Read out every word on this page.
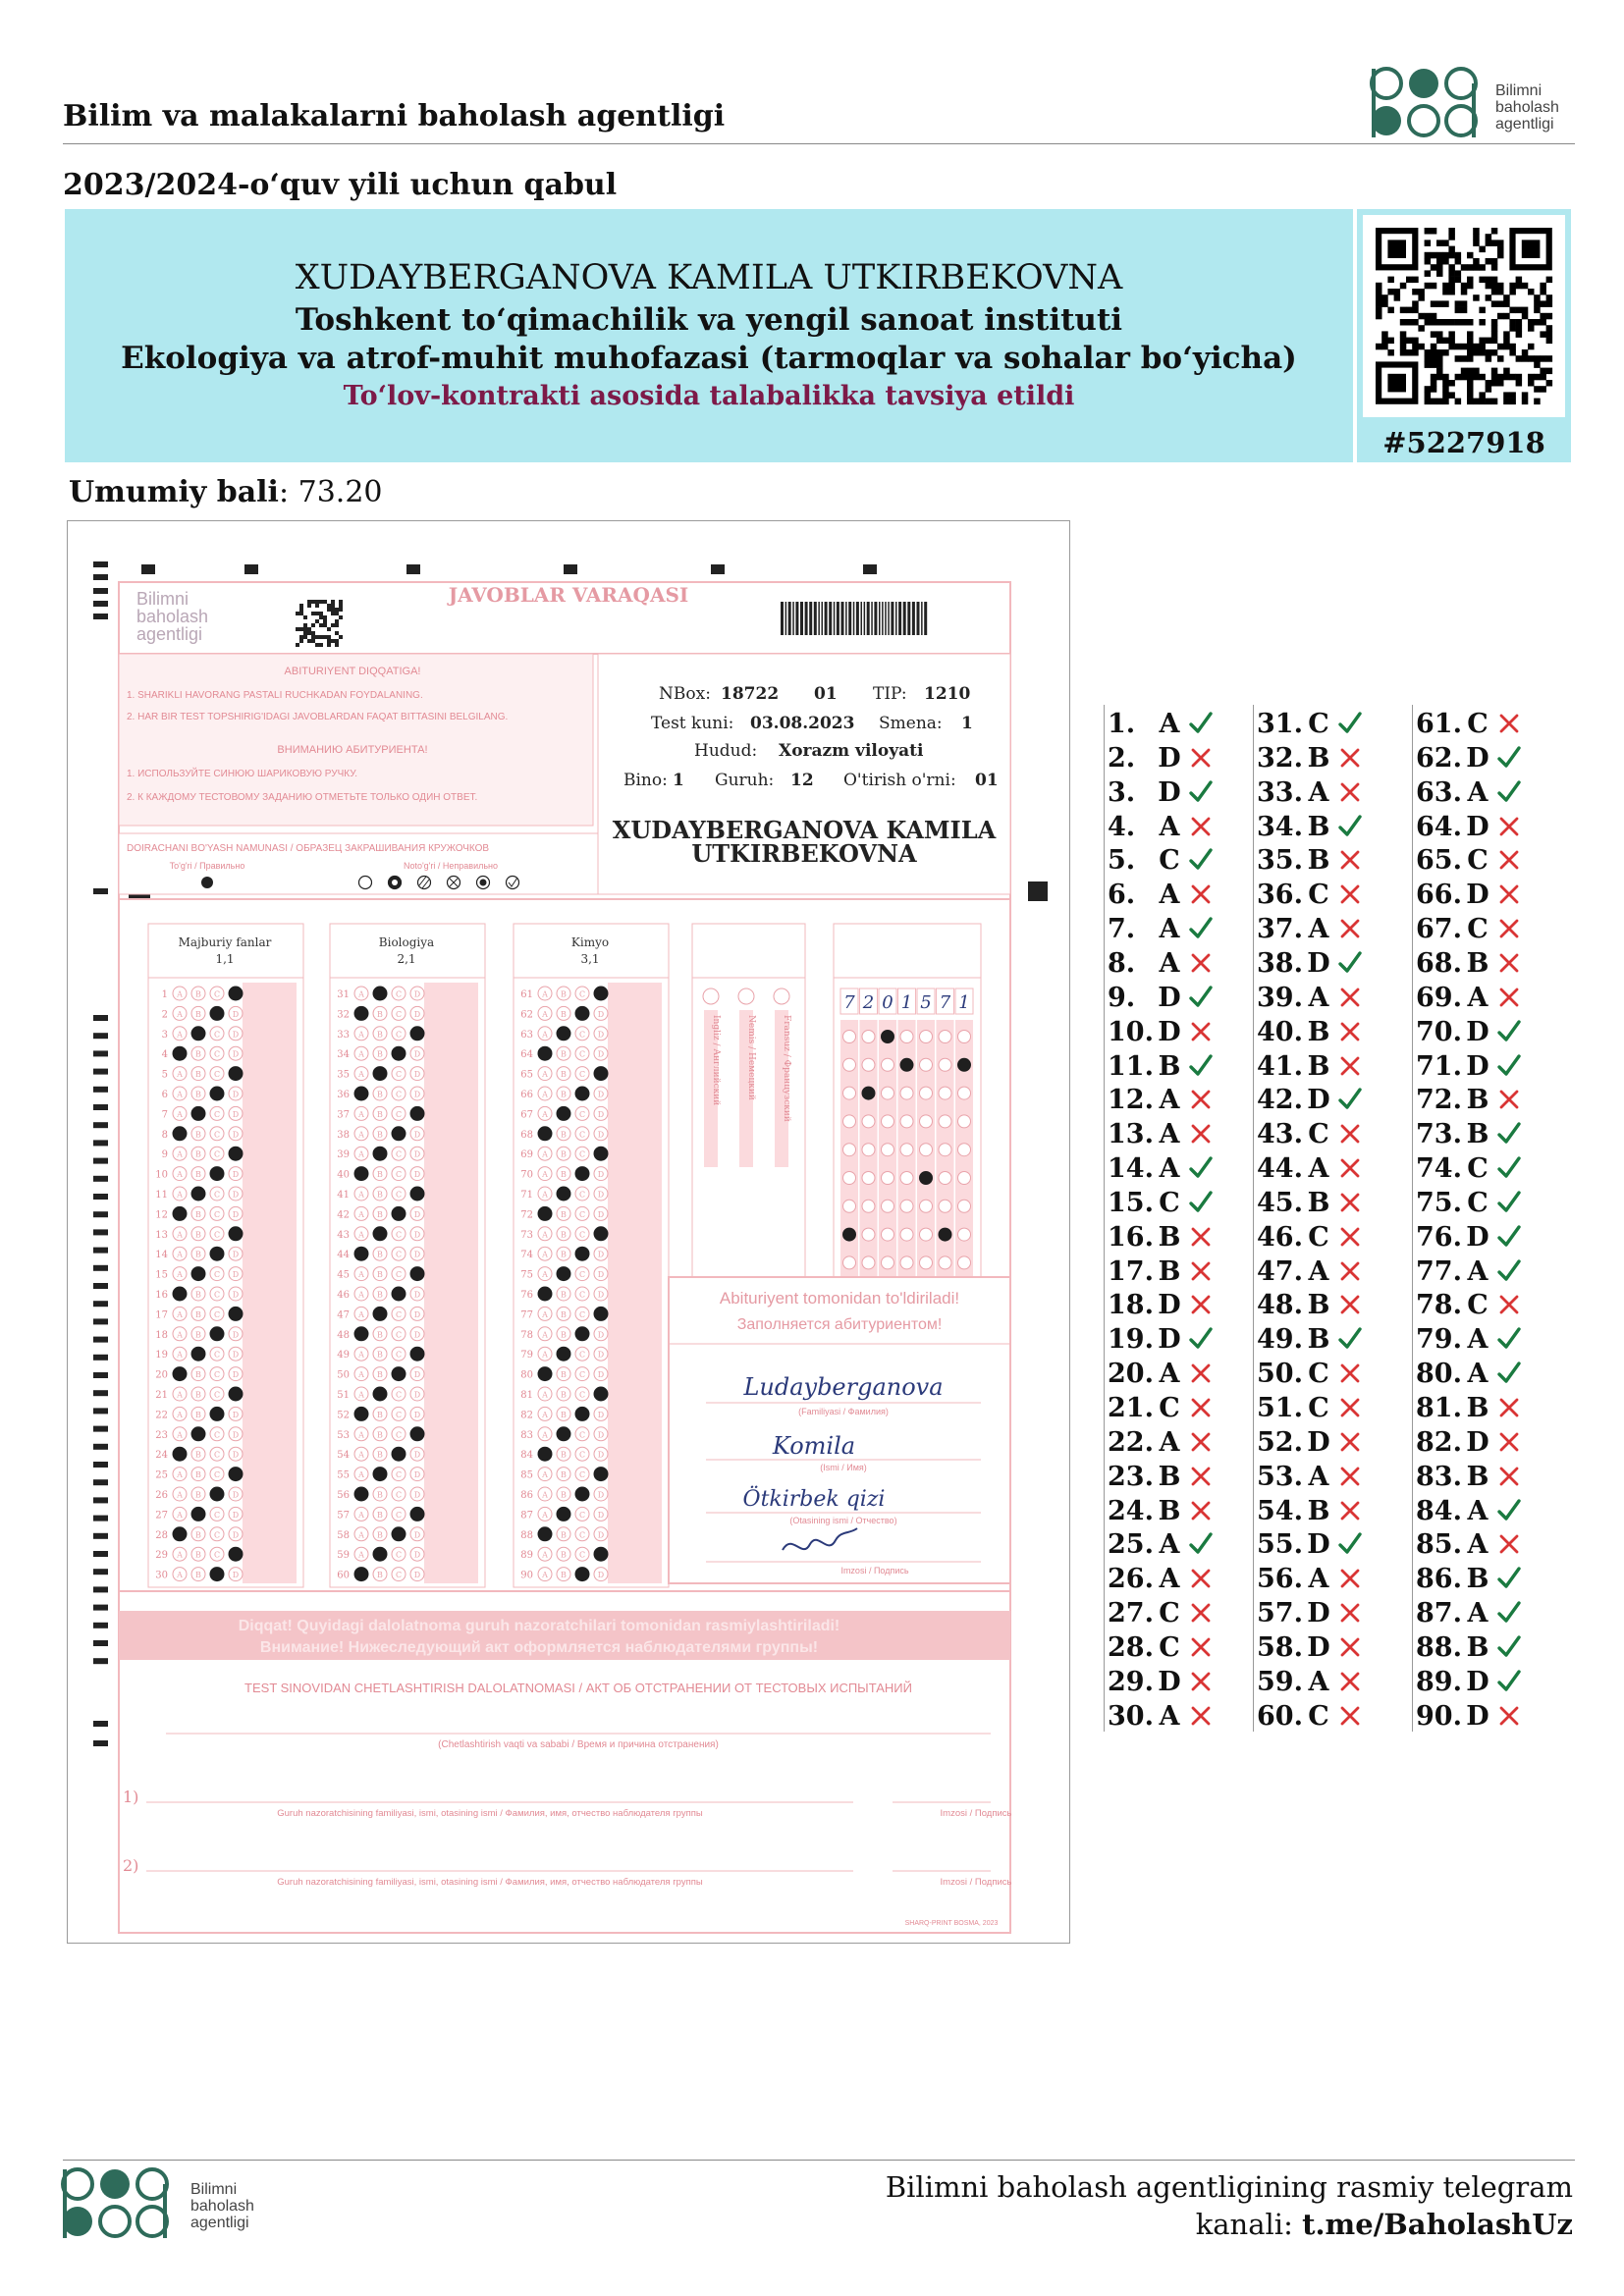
Bilim va malakalarni baholash agentligi
Bilimni
baholash
agentligi
2023/2024-o‘quv yili uchun qabul
XUDAYBERGANOVA KAMILA UTKIRBEKOVNA
Toshkent to‘qimachilik va yengil sanoat instituti
Ekologiya va atrof-muhit muhofazasi (tarmoqlar va sohalar bo‘yicha)
To‘lov-kontrakti asosida talabalikka tavsiya etildi
#5227918
Umumiy bali: 73.20
Bilimni
baholash
agentligi
JAVOBLAR VARAQASI
ABITURIYENT DIQQATIGA!
1. SHARIKLI HAVORANG PASTALI RUCHKADAN FOYDALANING.
2. HAR BIR TEST TOPSHIRIG'IDAGI JAVOBLARDAN FAQAT BITTASINI BELGILANG.
ВНИМАНИЮ АБИТУРИЕНТА!
1. ИСПОЛЬЗУЙТЕ СИНЮЮ ШАРИКОВУЮ РУЧКУ.
2. К КАЖДОМУ ТЕСТОВОМУ ЗАДАНИЮ ОТМЕТЬТЕ ТОЛЬКО ОДИН ОТВЕТ.
DOIRACHANI BO'YASH NAMUNASI / ОБРАЗЕЦ ЗАКРАШИВАНИЯ КРУЖОЧКОВ
To'g'ri / Правильно	Noto'g'ri / Неправильно
NBox: 18722 01 TIP: 1210
Test kuni: 03.08.2023 Smena: 1
Hudud: Xorazm viloyati
Bino: 1 Guruh: 12 O'tirish o'rni: 01
XUDAYBERGANOVA KAMILA
UTKIRBEKOVNA
1 A B C
2 A B	D
3 A	C D
4	B C D
5 A B C
6 A B	D
7 A	C D
8	B C D
9 A B C
10 A B	D
11 A	C D
12	B C D
13 A B C
14 A B	D
15 A	C D
16	B C D
17 A B C
18 A B	D
19 A	C D
20	B C D
21 A B C
22 A B	D
23 A	C D
24	B C D
25 A B C
26 A B	D
27 A	C D
28	B C D
29 A B C
30 A B	D
31 A	C D
32	B C D
33 A B C
34 A B	D
35 A	C D
36	B C D
37 A B C
38 A B	D
39 A	C D
40	B C D
41 A B C
42 A B	D
43 A	C D
44	B C D
45 A B C
46 A B	D
47 A	C D
48	B C D
49 A B C
50 A B	D
51 A	C D
52	B C D
53 A B C
54 A B	D
55 A	C D
56	B C D
57 A B C
58 A B	D
59 A	C D
60	B C D
61 A B C
62 A B	D
63 A	C D
64	B C D
65 A B C
66 A B	D
67 A	C D
68	B C D
69 A B C
70 A B	D
71 A	C D
72	B C D
73 A B C
74 A B	D
75 A	C D
76	B C D
77 A B C
78 A B	D
79 A	C D
80	B C D
81 A B C
82 A B	D
83 A	C D
84	B C D
85 A B C
86 A B	D
87 A	C D
88	B C D
89 A B C
90 A B	D
Majburiy fanlar
1,1
Biologiya
2,1
Kimyo
3,1
7 2 0 1 5 7 1
Ingliz / Английский	Nemis / Немецкий	Fransuz / Французский
Abituriyent tomonidan to'ldiriladi!
Заполняется абитуриентом!
Ludayberganova
(Familiyasi / Фамилия)
Komila
(Ismi / Имя)
Ötkirbek qizi
(Otasining ismi / Отчество)
Imzosi / Подпись
Diqqat! Quyidagi dalolatnoma guruh nazoratchilari tomonidan rasmiylashtiriladi!
Внимание! Нижеследующий акт оформляется наблюдателями группы!
TEST SINOVIDAN CHETLASHTIRISH DALOLATNOMASI / АКТ ОБ ОТСТРАНЕНИИ ОТ ТЕСТОВЫХ ИСПЫТАНИЙ
(Chetlashtirish vaqti va sababi / Время и причина отстранения)
1)
Guruh nazoratchisining familiyasi, ismi, otasining ismi / Фамилия, имя, отчество наблюдателя группы	Imzosi / Подпись
2)
Guruh nazoratchisining familiyasi, ismi, otasining ismi / Фамилия, имя, отчество наблюдателя группы	Imzosi / Подпись
SHARQ-PRINT BOSMA, 2023
Bilimni
baholash
agentligi
Bilimni baholash agentligining rasmiy telegram
kanali: t.me/BaholashUz
1. A
2. D
3. D
4. A
5. C
6. A
7. A
8. A
9. D
10. D
11. B
12. A
13. A
14. A
15. C
16. B
17. B
18. D
19. D
20. A
21. C
22. A
23. B
24. B
25. A
26. A
27. C
28. C
29. D
30. A
31. C
32. B
33. A
34. B
35. B
36. C
37. A
38. D
39. A
40. B
41. B
42. D
43. C
44. A
45. B
46. C
47. A
48. B
49. B
50. C
51. C
52. D
53. A
54. B
55. D
56. A
57. D
58. D
59. A
60. C
61. C
62. D
63. A
64. D
65. C
66. D
67. C
68. B
69. A
70. D
71. D
72. B
73. B
74. C
75. C
76. D
77. A
78. C
79. A
80. A
81. B
82. D
83. B
84. A
85. A
86. B
87. A
88. B
89. D
90. D
